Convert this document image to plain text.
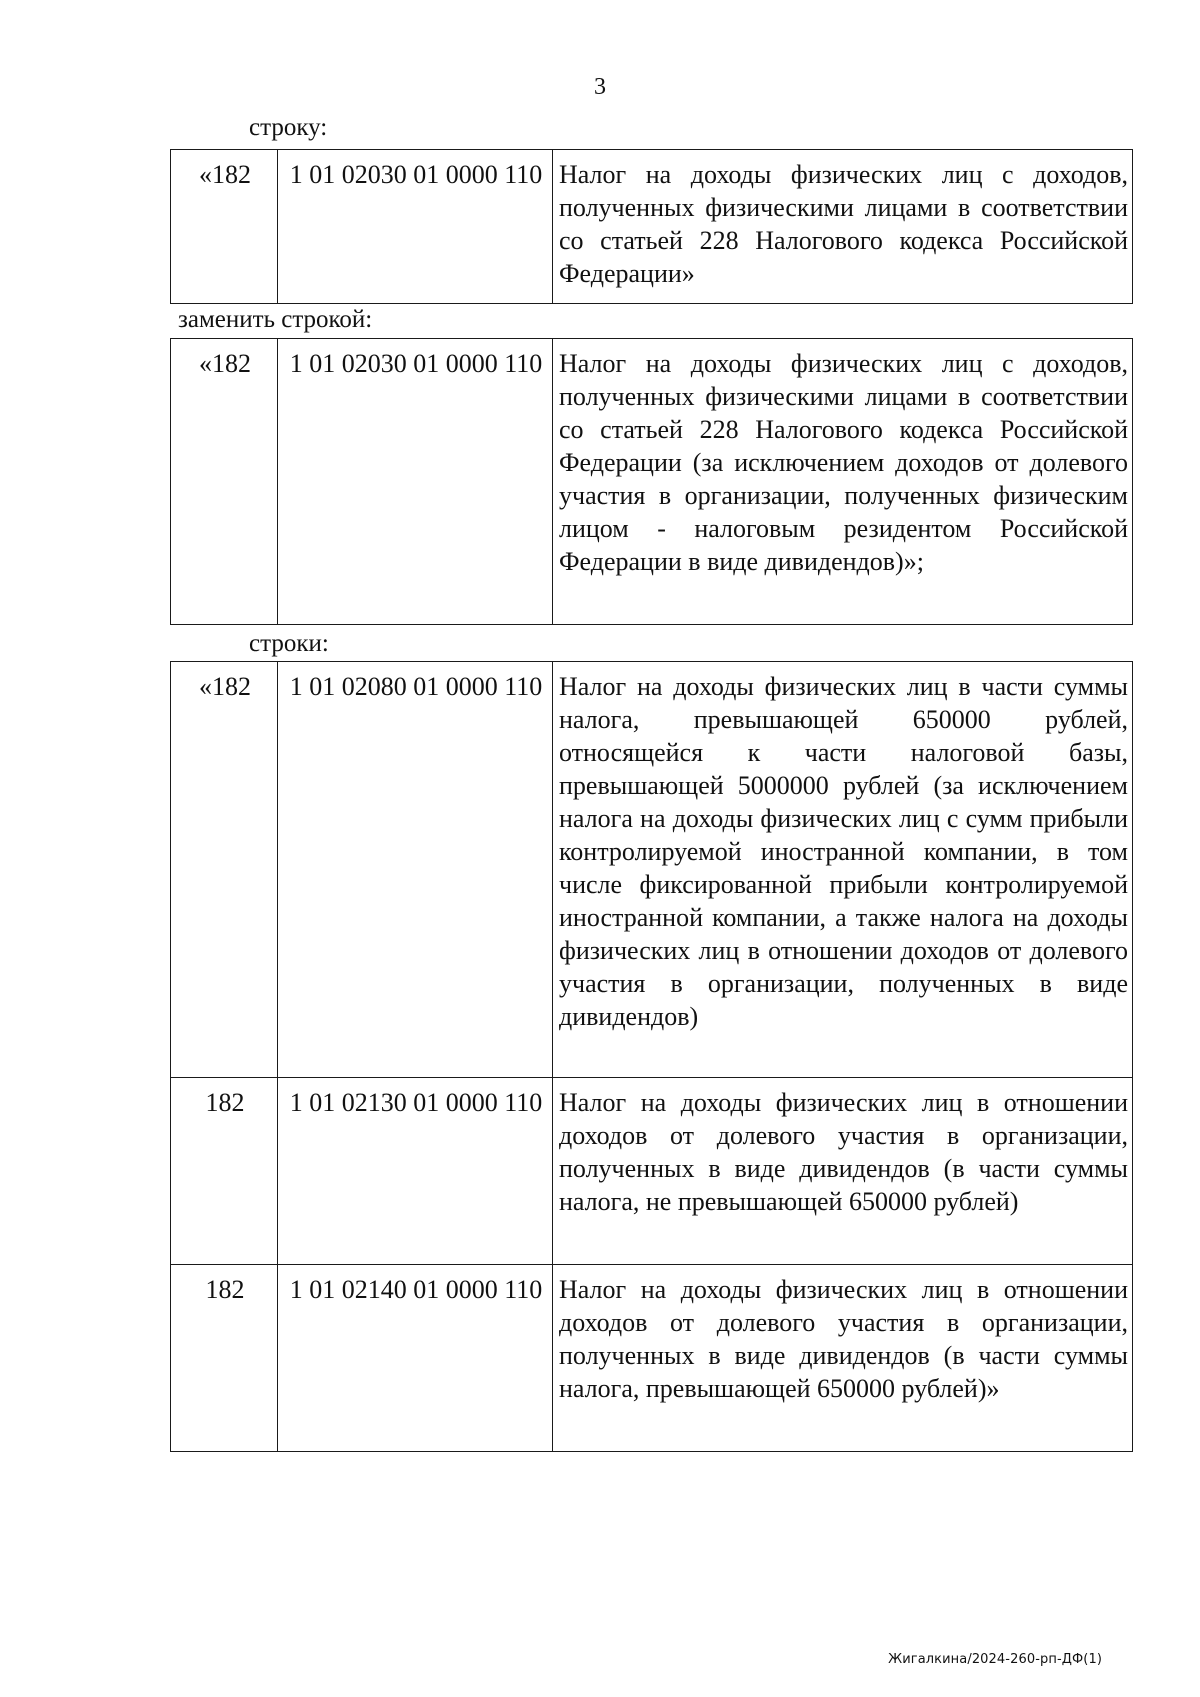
3
строку:
«182	1 01 02030 01 0000 110	Налог на доходы физических лиц с доходов, полученных физическими лицами в соответствии со статьей 228 Налогового кодекса Российской Федерации»
заменить строкой:
«182	1 01 02030 01 0000 110	Налог на доходы физических лиц с доходов, полученных физическими лицами в соответствии со статьей 228 Налогового кодекса Российской Федерации (за исключением доходов от долевого участия в организации, полученных физическим лицом - налоговым резидентом Российской Федерации в виде дивидендов)»;
строки:
«182	1 01 02080 01 0000 110	Налог на доходы физических лиц в части суммы налога, превышающей 650000 рублей, относящейся к части налоговой базы, превышающей 5000000 рублей (за исключением налога на доходы физических лиц с сумм прибыли контролируемой иностранной компании, в том числе фиксированной прибыли контролируемой иностранной компании, а также налога на доходы физических лиц в отношении доходов от долевого участия в организации, полученных в виде дивидендов)
182	1 01 02130 01 0000 110	Налог на доходы физических лиц в отношении доходов от долевого участия в организации, полученных в виде дивидендов (в части суммы налога, не превышающей 650000 рублей)
182	1 01 02140 01 0000 110	Налог на доходы физических лиц в отношении доходов от долевого участия в организации, полученных в виде дивидендов (в части суммы налога, превышающей 650000 рублей)»
Жигалкина/2024-260-рп-ДФ(1)
